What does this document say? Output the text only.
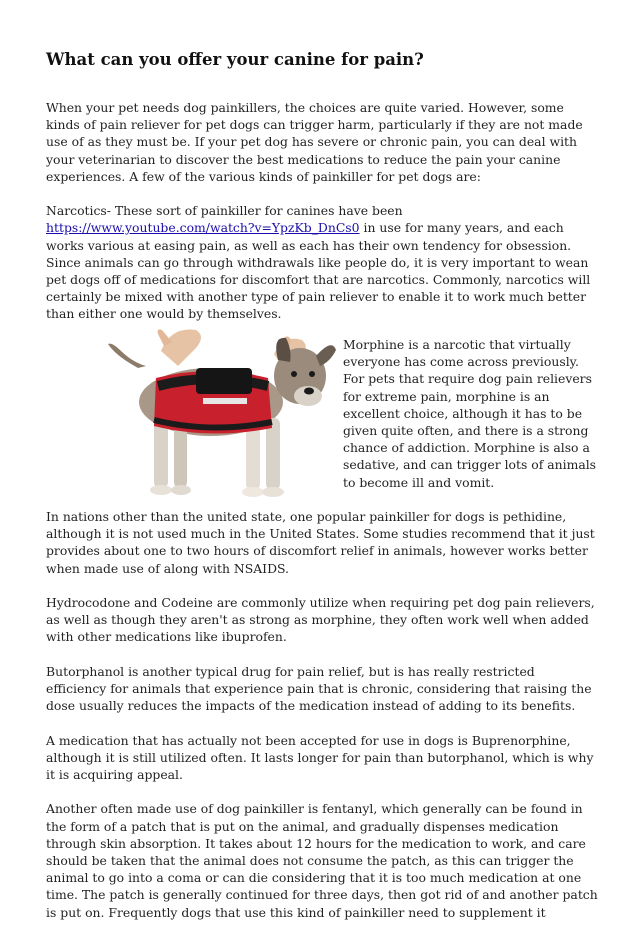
What can you offer your canine for pain?

When your pet needs dog painkillers, the choices are quite varied. However, some kinds of pain reliever for pet dogs can trigger harm, particularly if they are not made use of as they must be. If your pet dog has severe or chronic pain, you can deal with your veterinarian to discover the best medications to reduce the pain your canine experiences. A few of the various kinds of painkiller for pet dogs are:

Narcotics- These sort of painkiller for canines have been https://www.youtube.com/watch?v=YpzKb_DnCs0 in use for many years, and each works various at easing pain, as well as each has their own tendency for obsession. Since animals can go through withdrawals like people do, it is very important to wean pet dogs off of medications for discomfort that are narcotics. Commonly, narcotics will certainly be mixed with another type of pain reliever to enable it to work much better than either one would by themselves.

Morphine is a narcotic that virtually everyone has come across previously. For pets that require dog pain relievers for extreme pain, morphine is an excellent choice, although it has to be given quite often, and there is a strong chance of addiction. Morphine is also a sedative, and can trigger lots of animals to become ill and vomit.

In nations other than the united state, one popular painkiller for dogs is pethidine, although it is not used much in the United States. Some studies recommend that it just provides about one to two hours of discomfort relief in animals, however works better when made use of along with NSAIDS.

Hydrocodone and Codeine are commonly utilize when requiring pet dog pain relievers, as well as though they aren't as strong as morphine, they often work well when added with other medications like ibuprofen.

Butorphanol is another typical drug for pain relief, but is has really restricted efficiency for animals that experience pain that is chronic, considering that raising the dose usually reduces the impacts of the medication instead of adding to its benefits.

A medication that has actually not been accepted for use in dogs is Buprenorphine, although it is still utilized often. It lasts longer for pain than butorphanol, which is why it is acquiring appeal.

Another often made use of dog painkiller is fentanyl, which generally can be found in the form of a patch that is put on the animal, and gradually dispenses medication through skin absorption. It takes about 12 hours for the medication to work, and care should be taken that the animal does not consume the patch, as this can trigger the animal to go into a coma or can die considering that it is too much medication at one time. The patch is generally continued for three days, then got rid of and another patch is put on. Frequently dogs that use this kind of painkiller need to supplement it
